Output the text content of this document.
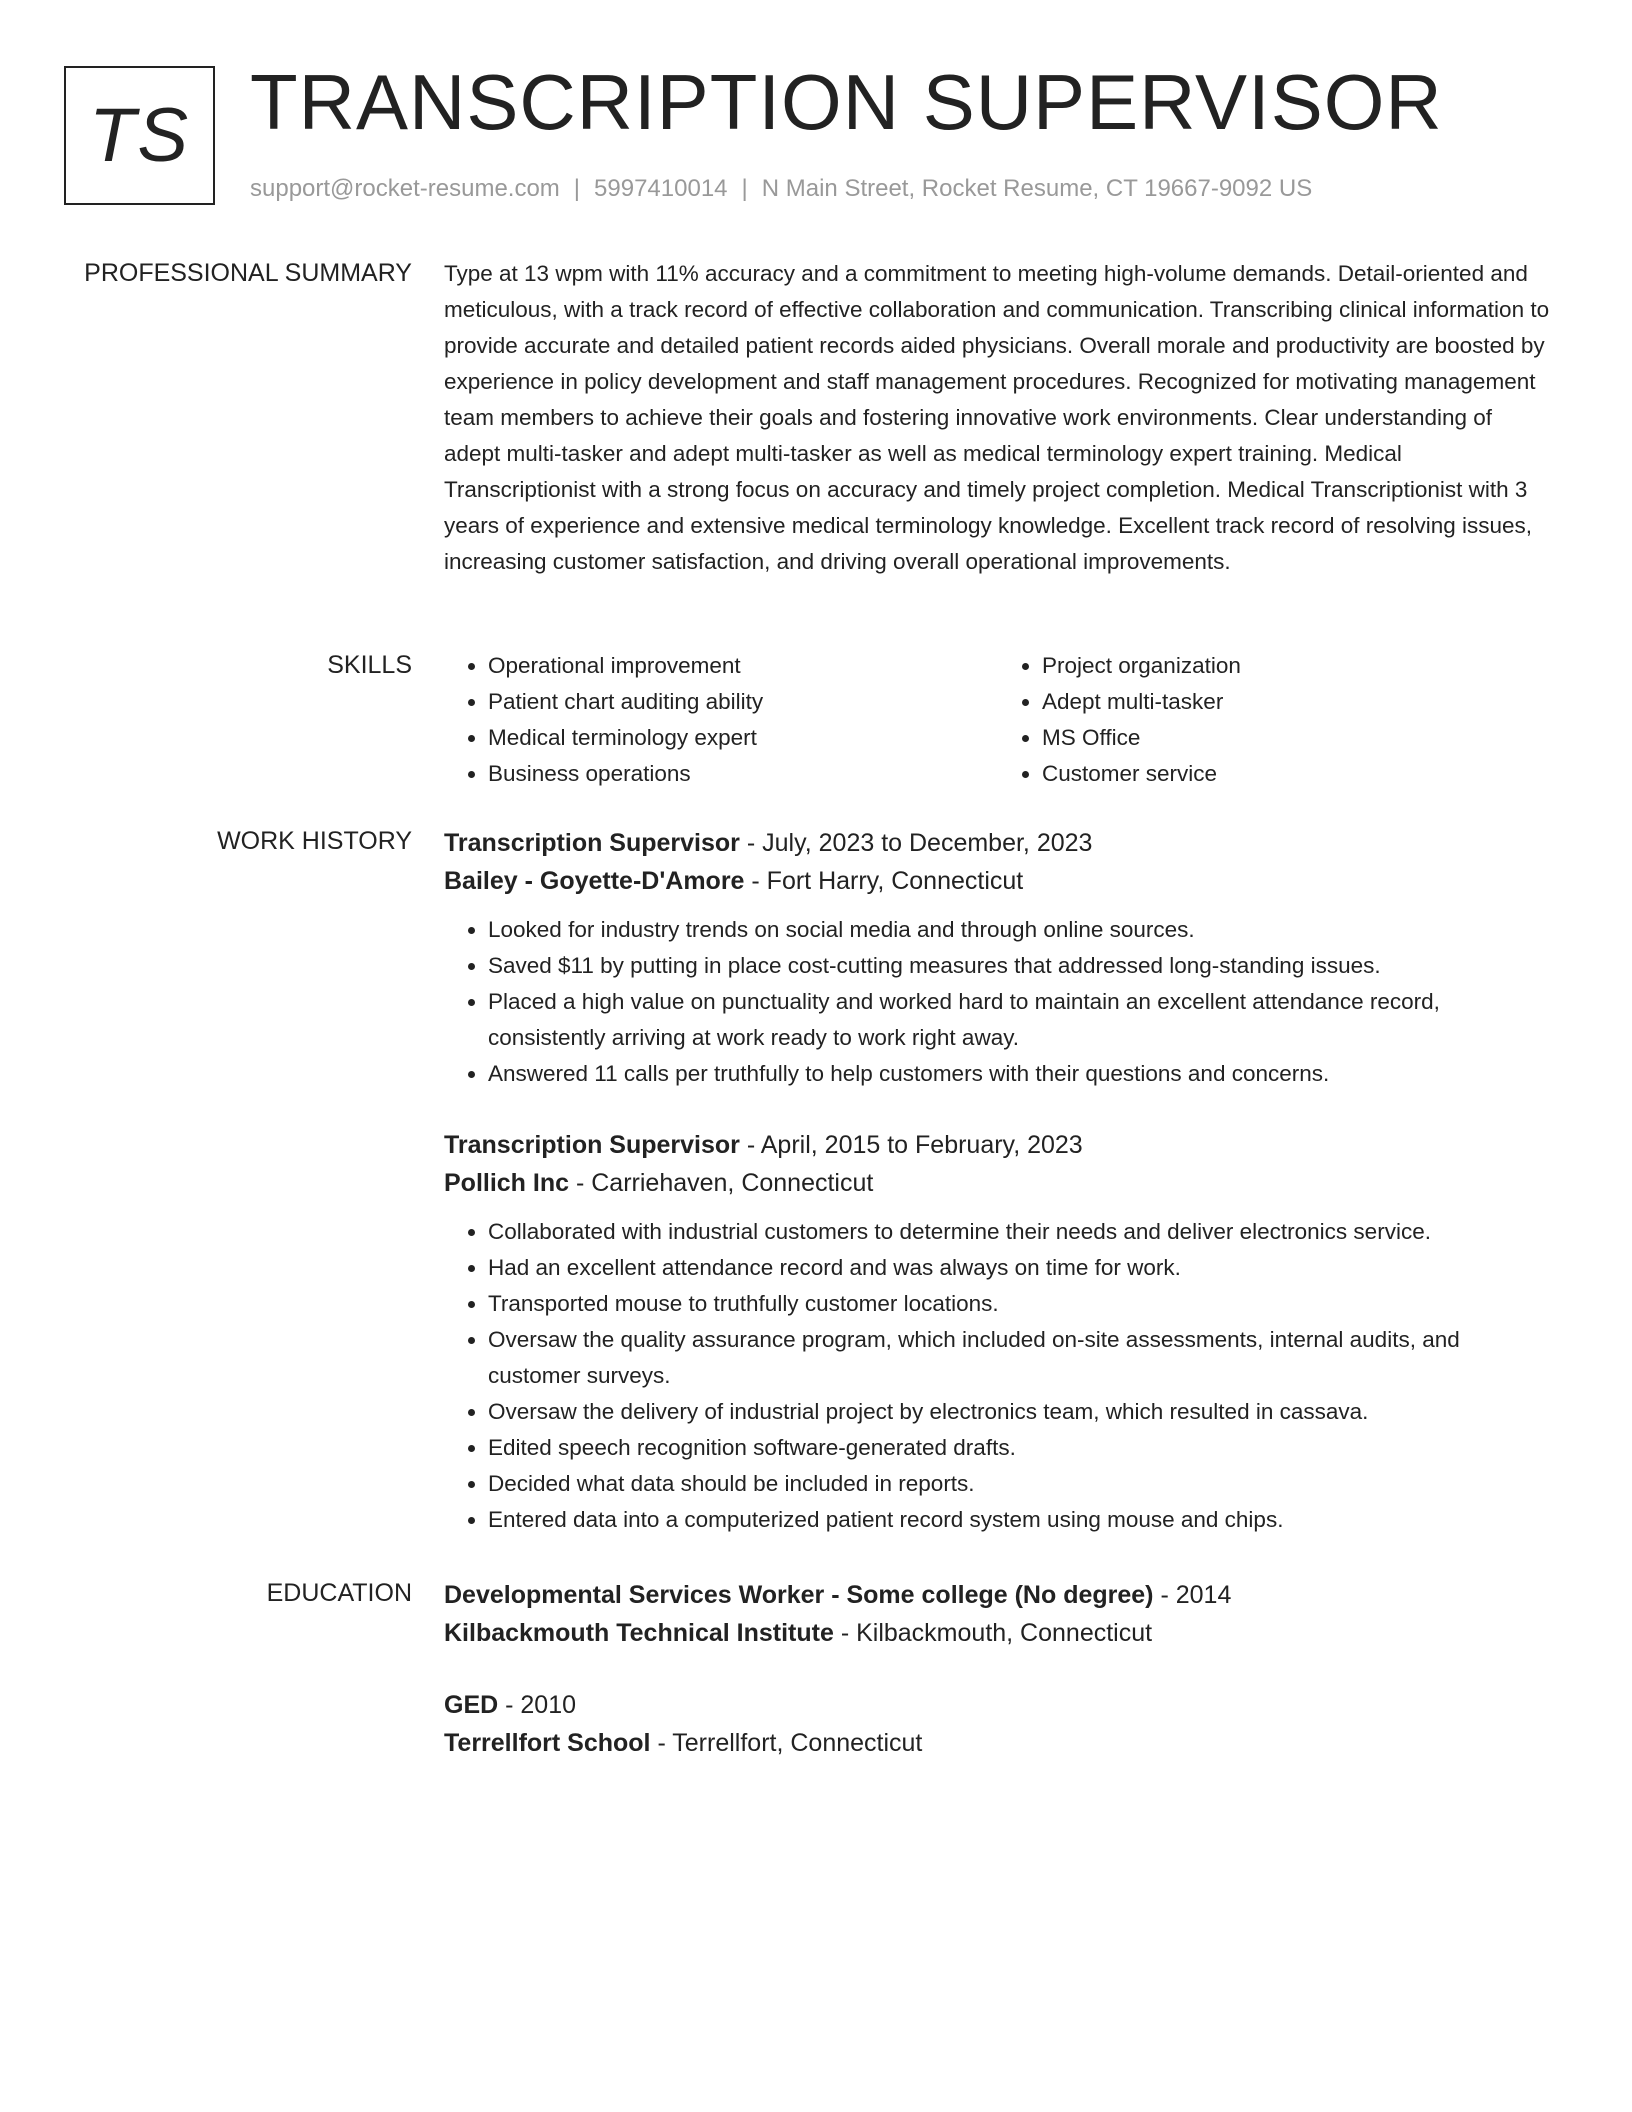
TS TRANSCRIPTION SUPERVISOR
support@rocket-resume.com | 5997410014 | N Main Street, Rocket Resume, CT 19667-9092 US
PROFESSIONAL SUMMARY Type at 13 wpm with 11% accuracy and a commitment to meeting high-volume demands. Detail-oriented and meticulous, with a track record of effective collaboration and communication. Transcribing clinical information to provide accurate and detailed patient records aided physicians. Overall morale and productivity are boosted by experience in policy development and staff management procedures. Recognized for motivating management team members to achieve their goals and fostering innovative work environments. Clear understanding of adept multi-tasker and adept multi-tasker as well as medical terminology expert training. Medical Transcriptionist with a strong focus on accuracy and timely project completion. Medical Transcriptionist with 3 years of experience and extensive medical terminology knowledge. Excellent track record of resolving issues, increasing customer satisfaction, and driving overall operational improvements.

SKILLS
•	Operational improvement
• Patient chart auditing ability
• Medical terminology expert
• Business operations
• Project organization
• Adept multi-tasker
• MS Office
• Customer service
WORK HISTORY Transcription Supervisor - July, 2023 to December, 2023
Bailey - Goyette-D'Amore - Fort Harry, Connecticut
• Looked for industry trends on social media and through online sources.
• Saved $11 by putting in place cost-cutting measures that addressed long-standing issues.
• Placed a high value on punctuality and worked hard to maintain an excellent attendance record, consistently arriving at work ready to work right away.
• Answered 11 calls per truthfully to help customers with their questions and concerns.
Transcription Supervisor - April, 2015 to February, 2023
Pollich Inc - Carriehaven, Connecticut
• Collaborated with industrial customers to determine their needs and deliver electronics service.
• Had an excellent attendance record and was always on time for work.
• Transported mouse to truthfully customer locations.
• Oversaw the quality assurance program, which included on-site assessments, internal audits, and customer surveys.
• Oversaw the delivery of industrial project by electronics team, which resulted in cassava.
• Edited speech recognition software-generated drafts.
• Decided what data should be included in reports.
• Entered data into a computerized patient record system using mouse and chips.
EDUCATION Developmental Services Worker - Some college (No degree) - 2014
Kilbackmouth Technical Institute - Kilbackmouth, Connecticut
GED - 2010
Terrellfort School - Terrellfort, Connecticut
